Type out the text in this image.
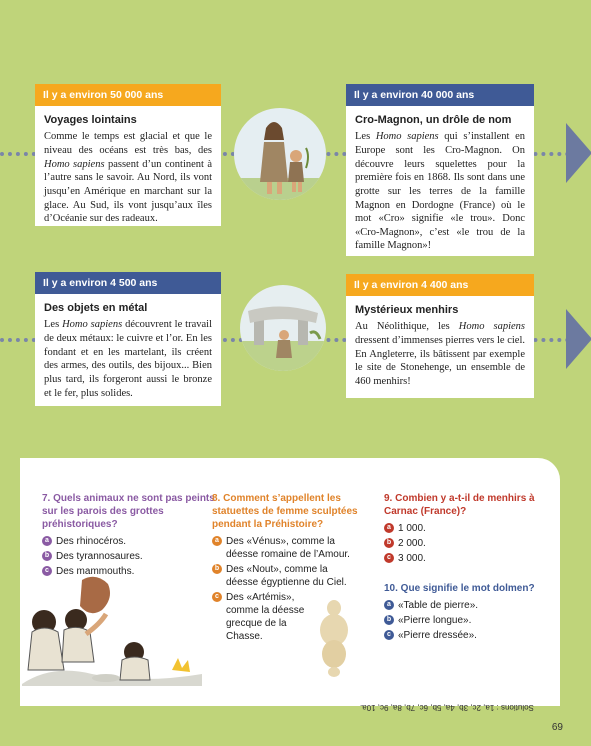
Il y a environ 50 000 ans
Voyages lointains

Comme le temps est glacial et que le niveau des océans est très bas, des Homo sapiens passent d’un continent à l’autre sans le savoir. Au Nord, ils vont jusqu’en Amérique en marchant sur la glace. Au Sud, ils vont jusqu’aux îles d’Océanie sur des radeaux.

Il y a environ 40 000 ans
Cro-Magnon, un drôle de nom

Les Homo sapiens qui s’installent en Europe sont les Cro-Magnon. On découvre leurs squelettes pour la première fois en 1868. Ils sont dans une grotte sur les terres de la famille Magnon en Dordogne (France) où le mot «Cro» signifie «le trou». Donc «Cro-Magnon», c’est «le trou de la famille Magnon»!

Il y a environ 4 500 ans
Des objets en métal

Les Homo sapiens découvrent le travail de deux métaux: le cuivre et l’or. En les fondant et en les martelant, ils créent des armes, des outils, des bijoux... Bien plus tard, ils forgeront aussi le bronze et le fer, plus solides.

Il y a environ 4 400 ans
Mystérieux menhirs

Au Néolithique, les Homo sapiens dressent d’immenses pierres vers le ciel. En Angleterre, ils bâtissent par exemple le site de Stonehenge, un ensemble de 460 menhirs!

7. Quels animaux ne sont pas peints sur les parois des grottes préhistoriques?
a Des rhinocéros.
b Des tyrannosaures.
c Des mammouths.
8. Comment s’appellent les statuettes de femme sculptées pendant la Préhistoire?
a Des «Vénus», comme la déesse romaine de l’Amour.
b Des «Nout», comme la déesse égyptienne du Ciel.
c Des «Artémis», comme la déesse grecque de la Chasse.
9. Combien y a-t-il de menhirs à Carnac (France)?
a 1 000.
b 2 000.
c 3 000.
10. Que signifie le mot dolmen?
a «Table de pierre».
b «Pierre longue».
c «Pierre dressée».
Solutions : 1a, 2c, 3b, 4a, 5b, 6c, 7b, 8a, 9c, 10a.
69
